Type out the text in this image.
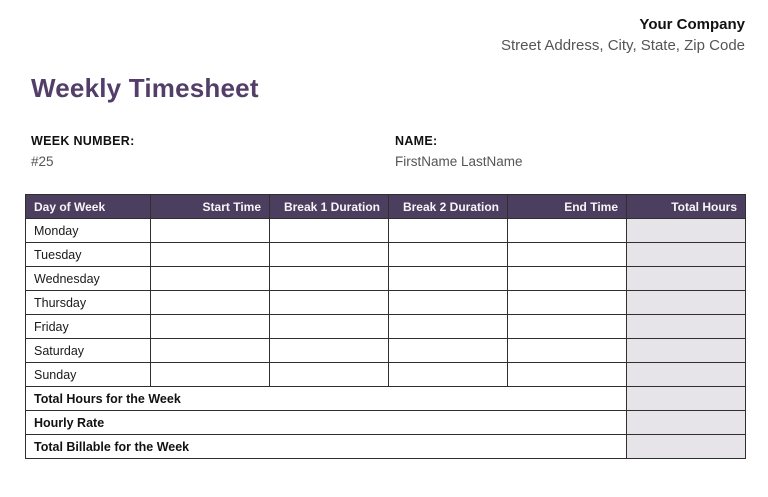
Your Company
Street Address, City, State, Zip Code
Weekly Timesheet
WEEK NUMBER:
#25
NAME:
FirstName LastName
Day of Week	Start Time	Break 1 Duration	Break 2 Duration	End Time	Total Hours
Monday					
Tuesday					
Wednesday					
Thursday					
Friday					
Saturday					
Sunday					
Total Hours for the Week					
Hourly Rate					
Total Billable for the Week					
